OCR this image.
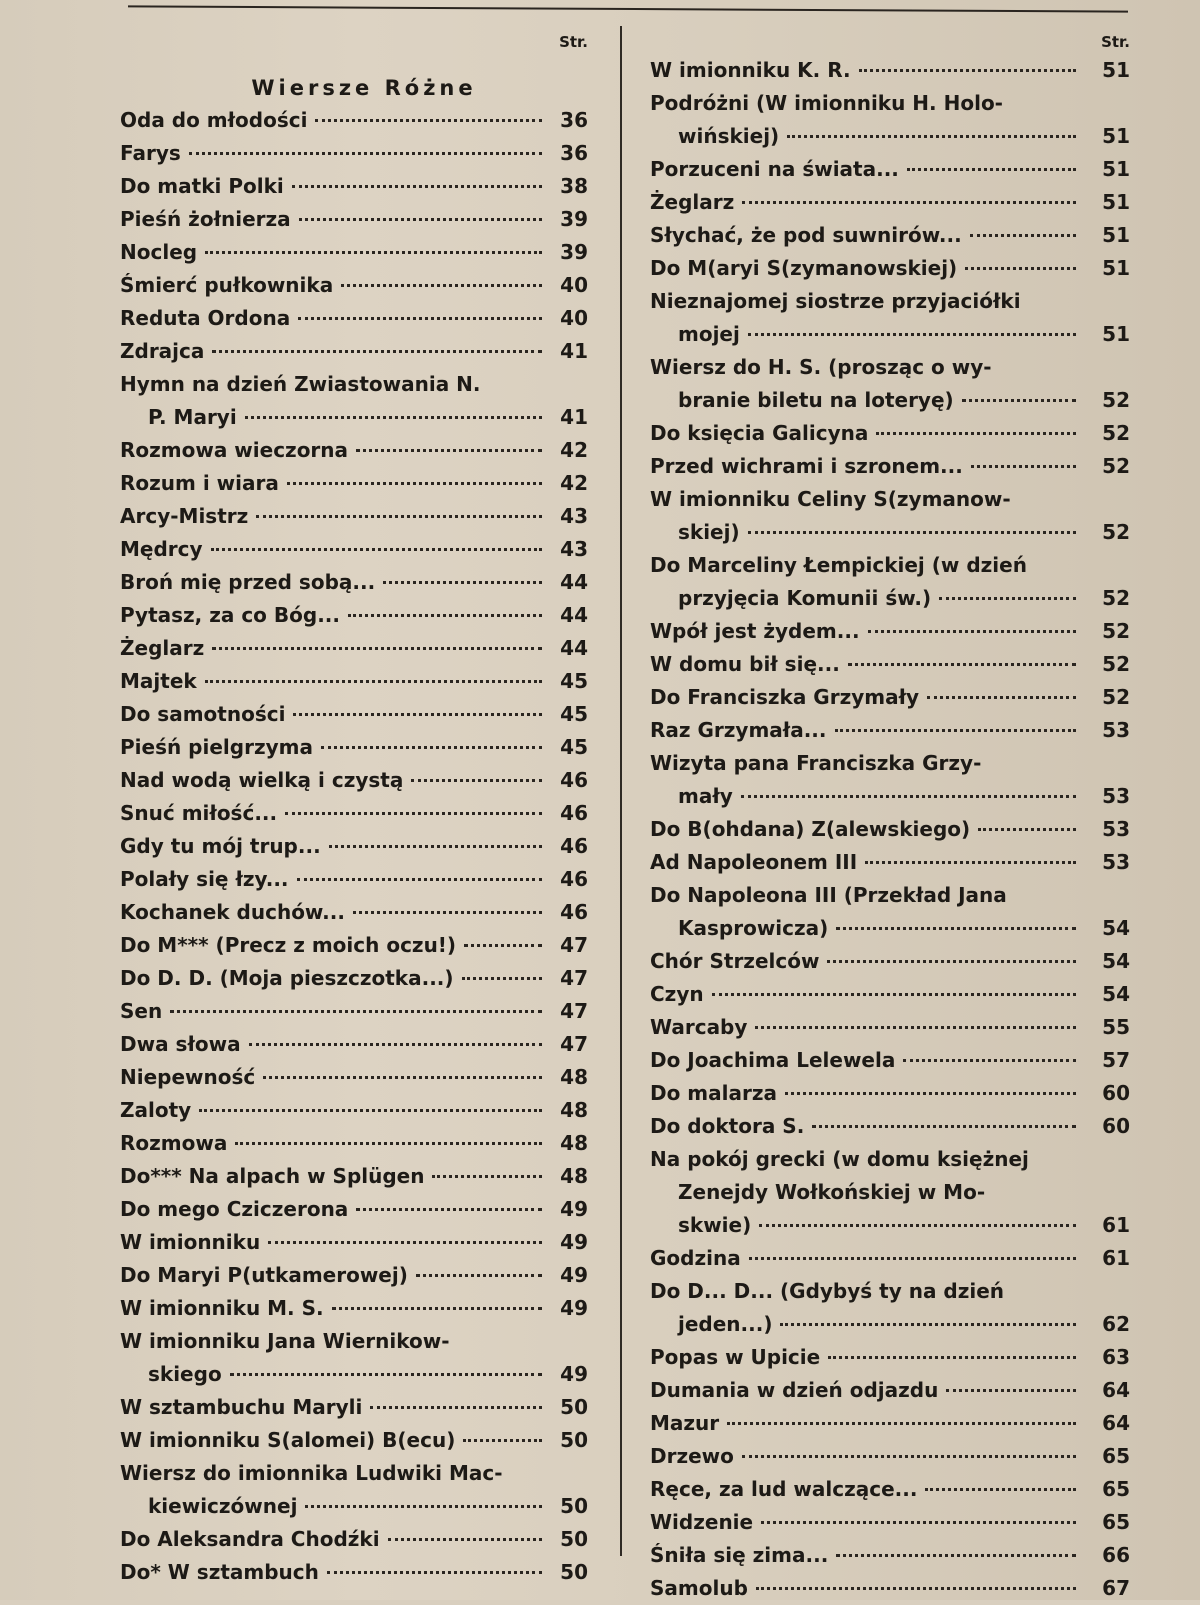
Str.
Wiersze Różne
Oda do młodości	36
Farys	36
Do matki Polki	38
Pieśń żołnierza	39
Nocleg	39
Śmierć pułkownika	40
Reduta Ordona	40
Zdrajca	41
Hymn na dzień Zwiastowania N.
P. Maryi	41
Rozmowa wieczorna	42
Rozum i wiara	42
Arcy-Mistrz	43
Mędrcy	43
Broń mię przed sobą...	44
Pytasz, za co Bóg...	44
Żeglarz	44
Majtek	45
Do samotności	45
Pieśń pielgrzyma	45
Nad wodą wielką i czystą	46
Snuć miłość...	46
Gdy tu mój trup...	46
Polały się łzy...	46
Kochanek duchów...	46
Do M*** (Precz z moich oczu!)	47
Do D. D. (Moja pieszczotka...)	47
Sen	47
Dwa słowa	47
Niepewność	48
Zaloty	48
Rozmowa	48
Do*** Na alpach w Splügen	48
Do mego Cziczerona	49
W imionniku	49
Do Maryi P(utkamerowej)	49
W imionniku M. S.	49
W imionniku Jana Wiernikow-
skiego	49
W sztambuchu Maryli	50
W imionniku S(alomei) B(ecu)	50
Wiersz do imionnika Ludwiki Mac-
kiewiczównej	50
Do Aleksandra Chodźki	50
Do* W sztambuch	50
Str.
W imionniku K. R.	51
Podróżni (W imionniku H. Holo-
wińskiej)	51
Porzuceni na świata...	51
Żeglarz	51
Słychać, że pod suwnirów...	51
Do M(aryi S(zymanowskiej)	51
Nieznajomej siostrze przyjaciółki
mojej	51
Wiersz do H. S. (prosząc o wy-
branie biletu na loteryę)	52
Do księcia Galicyna	52
Przed wichrami i szronem...	52
W imionniku Celiny S(zymanow-
skiej)	52
Do Marceliny Łempickiej (w dzień
przyjęcia Komunii św.)	52
Wpół jest żydem...	52
W domu bił się...	52
Do Franciszka Grzymały	52
Raz Grzymała...	53
Wizyta pana Franciszka Grzy-
mały	53
Do B(ohdana) Z(alewskiego)	53
Ad Napoleonem III	53
Do Napoleona III (Przekład Jana
Kasprowicza)	54
Chór Strzelców	54
Czyn	54
Warcaby	55
Do Joachima Lelewela	57
Do malarza	60
Do doktora S.	60
Na pokój grecki (w domu księżnej
Zenejdy Wołkońskiej w Mo-
skwie)	61
Godzina	61
Do D... D... (Gdybyś ty na dzień
jeden...)	62
Popas w Upicie	63
Dumania w dzień odjazdu	64
Mazur	64
Drzewo	65
Ręce, za lud walczące...	65
Widzenie	65
Śniła się zima...	66
Samolub	67
